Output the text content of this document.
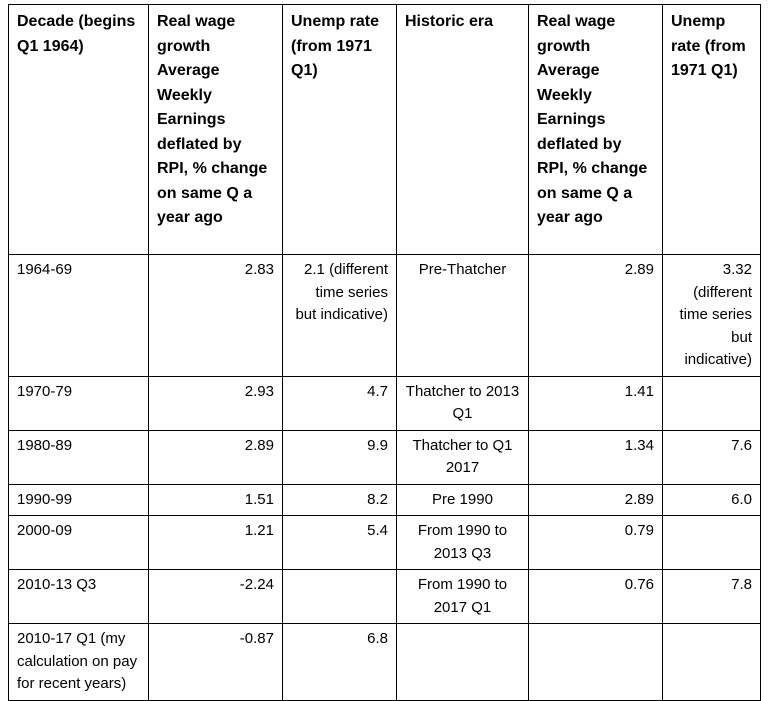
Decade (begins Q1 1964)	Real wage growth Average Weekly Earnings deflated by RPI, % change on same Q a year ago	Unemp rate (from 1971 Q1)	Historic era	Real wage growth Average Weekly Earnings deflated by RPI, % change on same Q a year ago	Unemp rate (from 1971 Q1)
1964-69	2.83	2.1 (different time series but indicative)	Pre-Thatcher	2.89	3.32 (different time series but indicative)
1970-79	2.93	4.7	Thatcher to 2013 Q1	1.41	
1980-89	2.89	9.9	Thatcher to Q1 2017	1.34	7.6
1990-99	1.51	8.2	Pre 1990	2.89	6.0
2000-09	1.21	5.4	From 1990 to 2013 Q3	0.79	
2010-13 Q3	-2.24		From 1990 to 2017 Q1	0.76	7.8
2010-17 Q1 (my calculation on pay for recent years)	-0.87	6.8			
